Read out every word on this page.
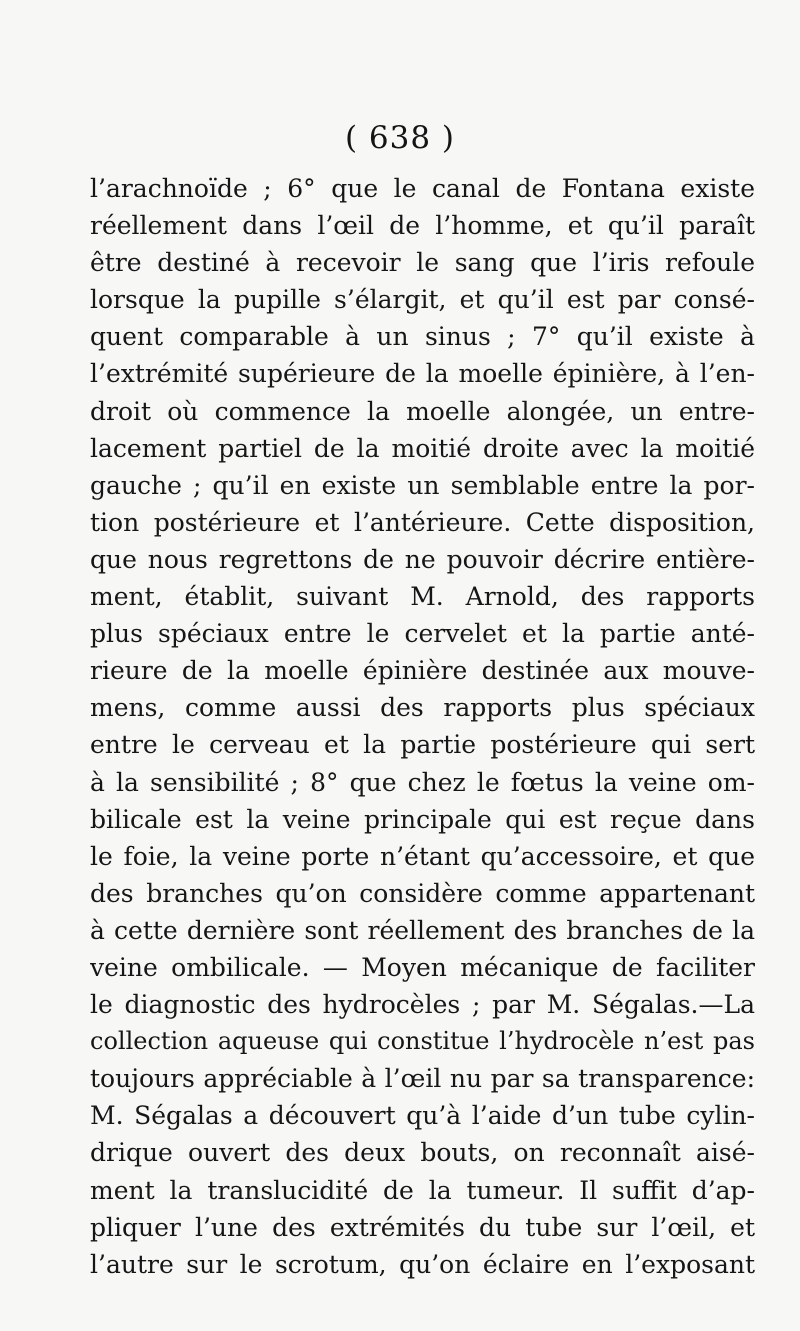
( 638 )
l’arachnoïde ; 6° que le canal de Fontana existe
réellement dans l’œil de l’homme, et qu’il paraît
être destiné à recevoir le sang que l’iris refoule
lorsque la pupille s’élargit, et qu’il est par consé-
quent comparable à un sinus ; 7° qu’il existe à
l’extrémité supérieure de la moelle épinière, à l’en-
droit où commence la moelle alongée, un entre-
lacement partiel de la moitié droite avec la moitié
gauche ; qu’il en existe un semblable entre la por-
tion postérieure et l’antérieure. Cette disposition,
que nous regrettons de ne pouvoir décrire entière-
ment, établit, suivant M. Arnold, des rapports
plus spéciaux entre le cervelet et la partie anté-
rieure de la moelle épinière destinée aux mouve-
mens, comme aussi des rapports plus spéciaux
entre le cerveau et la partie postérieure qui sert
à la sensibilité ; 8° que chez le fœtus la veine om-
bilicale est la veine principale qui est reçue dans
le foie, la veine porte n’étant qu’accessoire, et que
des branches qu’on considère comme appartenant
à cette dernière sont réellement des branches de la
veine ombilicale. — Moyen mécanique de faciliter
le diagnostic des hydrocèles ; par M. Ségalas.—La
collection aqueuse qui constitue l’hydrocèle n’est pas
toujours appréciable à l’œil nu par sa transparence:
M. Ségalas a découvert qu’à l’aide d’un tube cylin-
drique ouvert des deux bouts, on reconnaît aisé-
ment la translucidité de la tumeur. Il suffit d’ap-
pliquer l’une des extrémités du tube sur l’œil, et
l’autre sur le scrotum, qu’on éclaire en l’exposant
